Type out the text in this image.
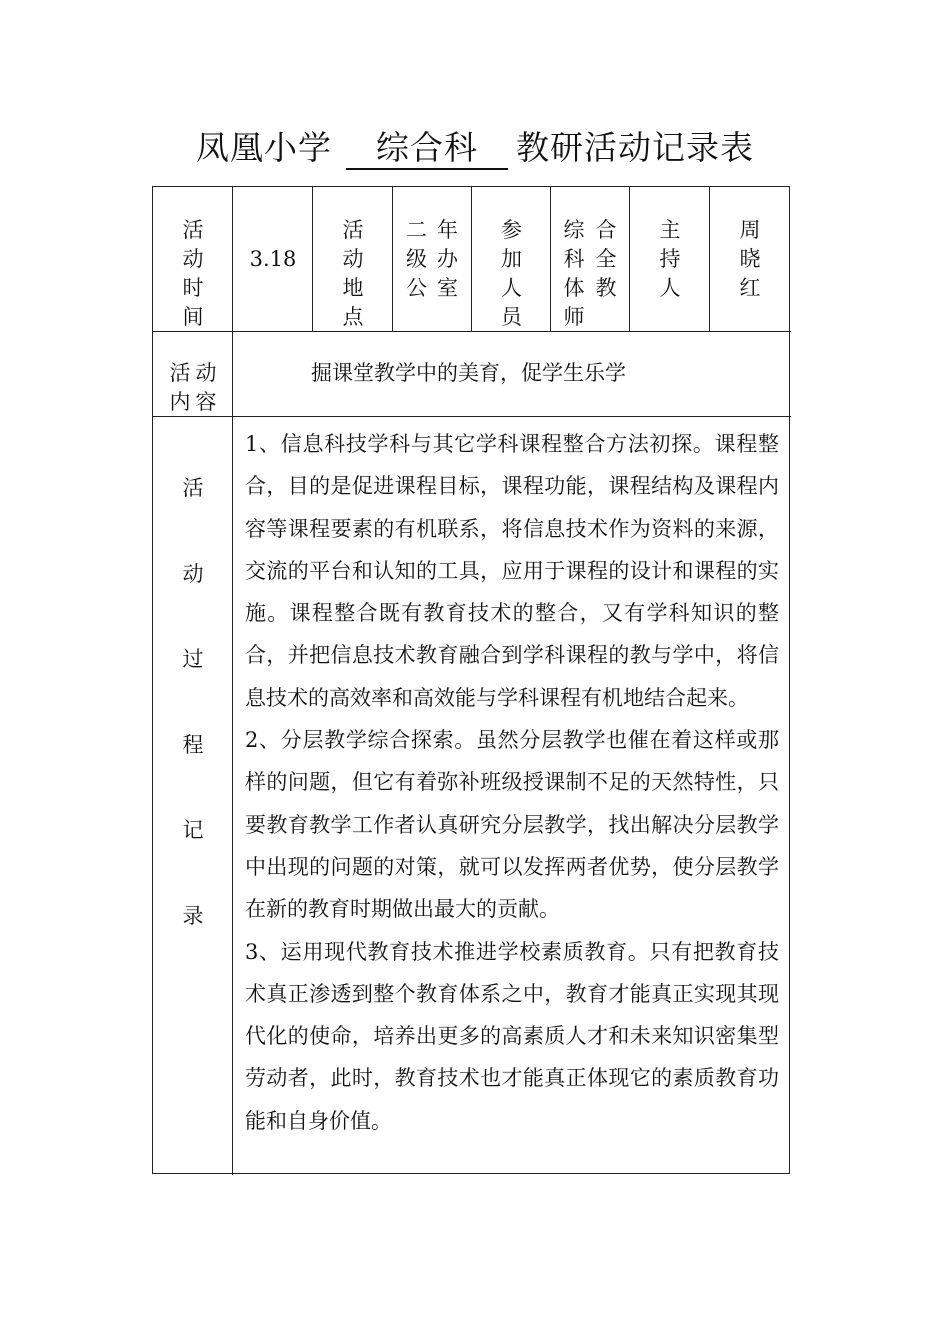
凤凰小学 综合科 教研活动记录表
活
动
时
间
3.18
活
动
地
点
二 年
级 办
公 室
参
加
人
员
综 合
科 全
体 教
师
主
持
人
周
晓
红
活 动
内 容
掘课堂教学中的美育，促学生乐学
活
动
过
程
记
录

1、信息科技学科与其它学科课程整合方法初探。课程整合，目的是促进课程目标，课程功能，课程结构及课程内容等课程要素的有机联系，将信息技术作为资料的来源，交流的平台和认知的工具，应用于课程的设计和课程的实施。课程整合既有教育技术的整合，又有学科知识的整合，并把信息技术教育融合到学科课程的教与学中，将信息技术的高效率和高效能与学科课程有机地结合起来。

2、分层教学综合探索。虽然分层教学也催在着这样或那样的问题，但它有着弥补班级授课制不足的天然特性，只要教育教学工作者认真研究分层教学，找出解决分层教学中出现的问题的对策，就可以发挥两者优势，使分层教学在新的教育时期做出最大的贡献。

3、运用现代教育技术推进学校素质教育。只有把教育技术真正渗透到整个教育体系之中，教育才能真正实现其现代化的使命，培养出更多的高素质人才和未来知识密集型劳动者，此时，教育技术也才能真正体现它的素质教育功能和自身价值。
